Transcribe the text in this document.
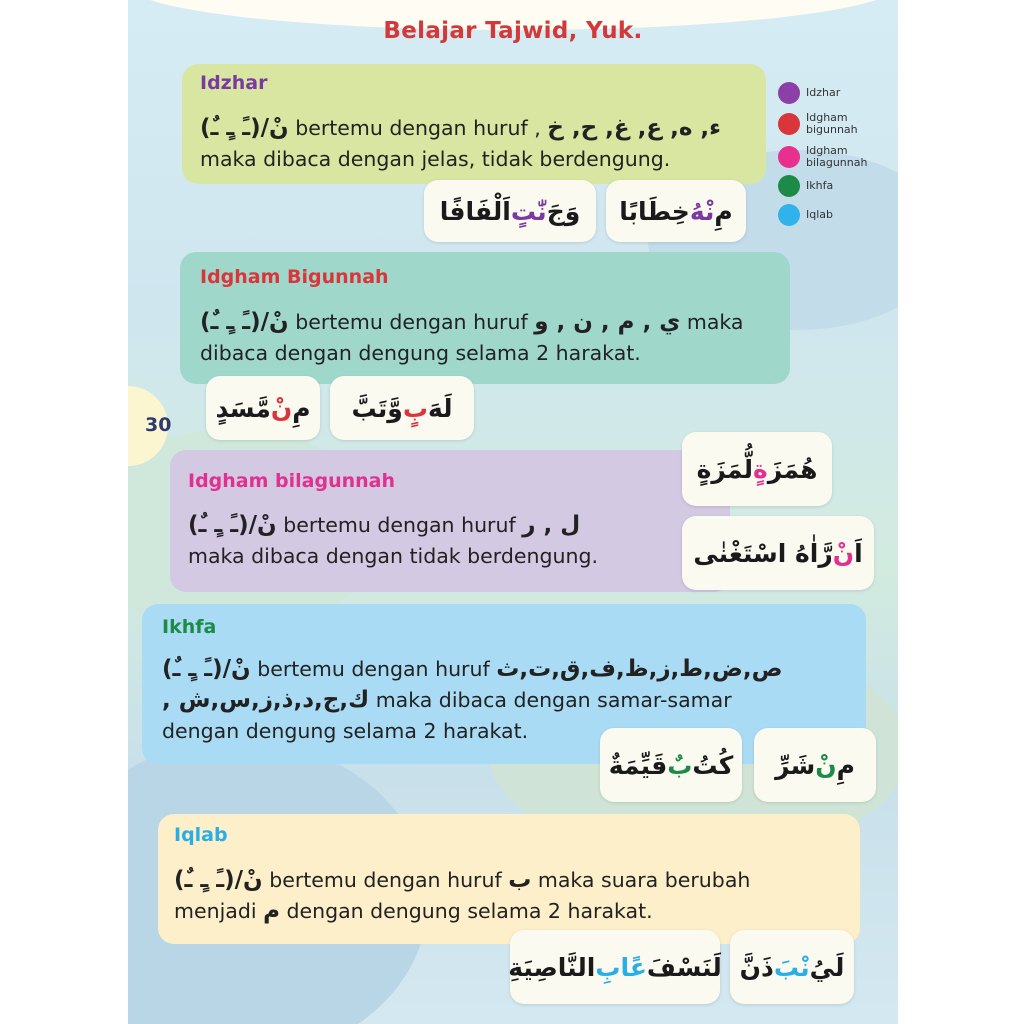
Belajar Tajwid, Yuk.
Idzhar
Idgham bigunnah
Idgham bilagunnah
Ikhfa
Iqlab
Idzhar
نْ/(ـً ـٍ ـٌ) bertemu dengan huruf , ء, ه, ع, غ, ح, خ
maka dibaca dengan jelas, tidak berdengung.
وَجَ
نّٰتٍ
اَلْفَافًا	مِ
نْهُ
خِطَابًا
Idgham Bigunnah
نْ/(ـً ـٍ ـٌ) bertemu dengan huruf ي , م , ن , و maka
dibaca dengan dengung selama 2 harakat.
مِ
نْ
مَّسَدٍ	لَهَ
بٍ
وَّتَبَّ
30
Idgham bilagunnah
نْ/(ـً ـٍ ـٌ) bertemu dengan huruf ل , ر
maka dibaca dengan tidak berdengung.
هُمَزَ
ةٍ
لُّمَزَةٍ
اَ
نْ
رَّاٰهُ اسْتَغْنٰى
Ikhfa
نْ/(ـً ـٍ ـٌ) bertemu dengan huruf ص,ض,ط,ز,ظ,ف,ق,ت,ث
ك,ج,د,ذ,ز,س,ش , maka dibaca dengan samar-samar
dengan dengung selama 2 harakat.
كُتُ
بٌ
قَيِّمَةٌ	مِ
نْ
شَرِّ
Iqlab
نْ/(ـً ـٍ ـٌ) bertemu dengan huruf ب maka suara berubah
menjadi م dengan dengung selama 2 harakat.
لَنَسْفَ
عًا
بِ
النَّاصِيَةِ	لَيُ
نْبَ
ذَنَّ
